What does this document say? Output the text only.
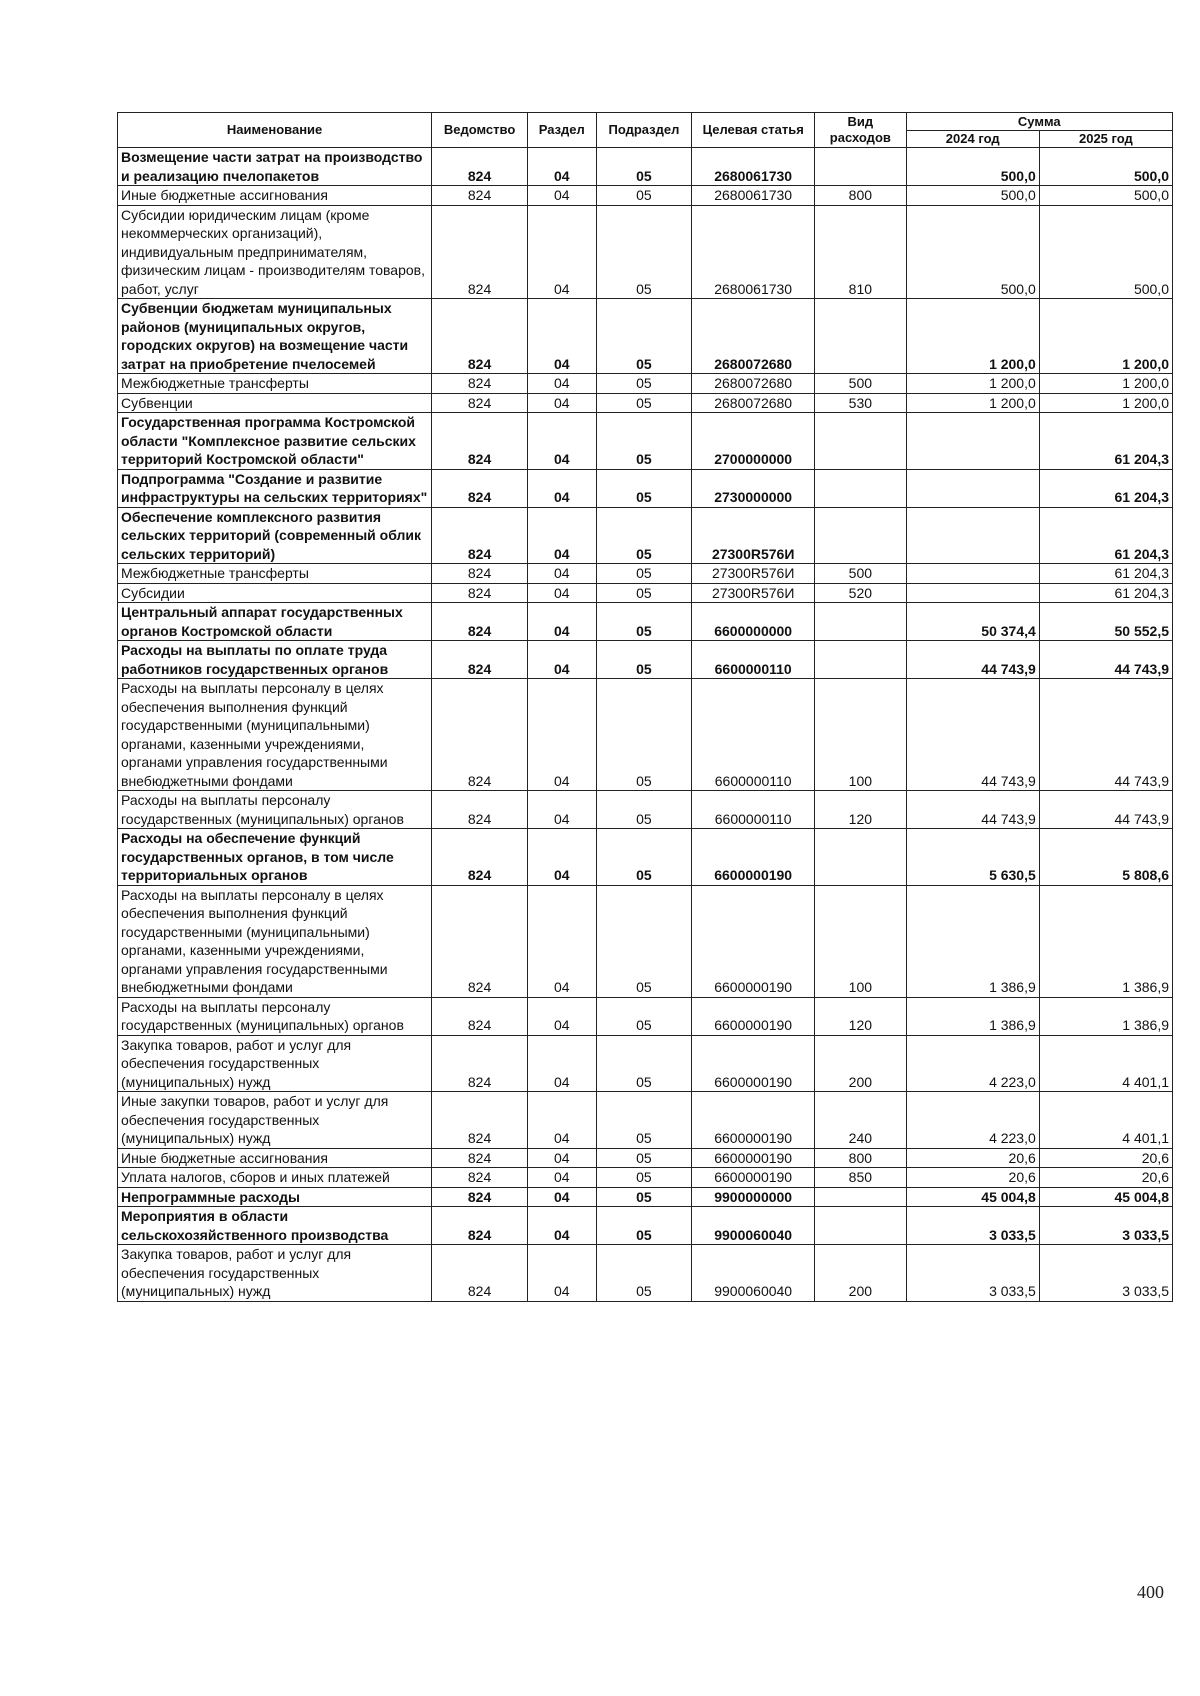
Наименование	Ведомство	Раздел	Подраздел	Целевая статья	Вид расходов	Сумма	
						2024 год	2025 год
Возмещение части затрат на производство и реализацию пчелопакетов	824	04	05	2680061730		500,0	500,0
Иные бюджетные ассигнования	824	04	05	2680061730	800	500,0	500,0
Субсидии юридическим лицам (кроме некоммерческих организаций), индивидуальным предпринимателям, физическим лицам - производителям товаров, работ, услуг	824	04	05	2680061730	810	500,0	500,0
Субвенции бюджетам муниципальных районов (муниципальных округов, городских округов) на возмещение части затрат на приобретение пчелосемей	824	04	05	2680072680		1 200,0	1 200,0
Межбюджетные трансферты	824	04	05	2680072680	500	1 200,0	1 200,0
Субвенции	824	04	05	2680072680	530	1 200,0	1 200,0
Государственная программа Костромской области "Комплексное развитие сельских территорий Костромской области"	824	04	05	2700000000			61 204,3
Подпрограмма "Создание и развитие инфраструктуры на сельских территориях"	824	04	05	2730000000			61 204,3
Обеспечение комплексного развития сельских территорий (современный облик сельских территорий)	824	04	05	27300R576И			61 204,3
Межбюджетные трансферты	824	04	05	27300R576И	500		61 204,3
Субсидии	824	04	05	27300R576И	520		61 204,3
Центральный аппарат государственных органов Костромской области	824	04	05	6600000000		50 374,4	50 552,5
Расходы на выплаты по оплате труда работников государственных органов	824	04	05	6600000110		44 743,9	44 743,9
Расходы на выплаты персоналу в целях обеспечения выполнения функций государственными (муниципальными) органами, казенными учреждениями, органами управления государственными внебюджетными фондами	824	04	05	6600000110	100	44 743,9	44 743,9
Расходы на выплаты персоналу государственных (муниципальных) органов	824	04	05	6600000110	120	44 743,9	44 743,9
Расходы на обеспечение функций государственных органов, в том числе территориальных органов	824	04	05	6600000190		5 630,5	5 808,6
Расходы на выплаты персоналу в целях обеспечения выполнения функций государственными (муниципальными) органами, казенными учреждениями, органами управления государственными внебюджетными фондами	824	04	05	6600000190	100	1 386,9	1 386,9
Расходы на выплаты персоналу государственных (муниципальных) органов	824	04	05	6600000190	120	1 386,9	1 386,9
Закупка товаров, работ и услуг для обеспечения государственных (муниципальных) нужд	824	04	05	6600000190	200	4 223,0	4 401,1
Иные закупки товаров, работ и услуг для обеспечения государственных (муниципальных) нужд	824	04	05	6600000190	240	4 223,0	4 401,1
Иные бюджетные ассигнования	824	04	05	6600000190	800	20,6	20,6
Уплата налогов, сборов и иных платежей	824	04	05	6600000190	850	20,6	20,6
Непрограммные расходы	824	04	05	9900000000		45 004,8	45 004,8
Мероприятия в области сельскохозяйственного производства	824	04	05	9900060040		3 033,5	3 033,5
Закупка товаров, работ и услуг для обеспечения государственных (муниципальных) нужд	824	04	05	9900060040	200	3 033,5	3 033,5
400
